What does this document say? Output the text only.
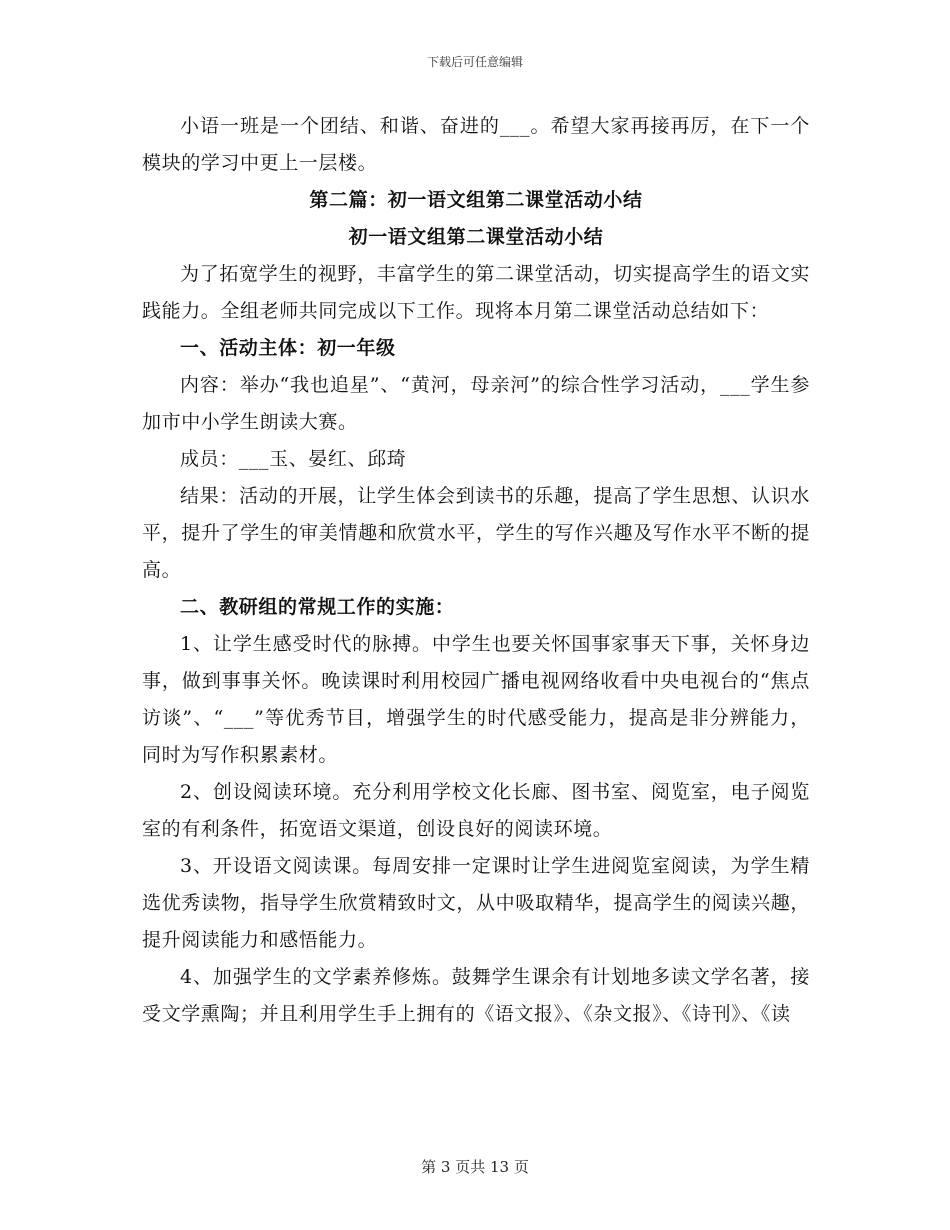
下载后可任意编辑

小语一班是一个团结、和谐、奋进的___。希望大家再接再厉，在下一个模块的学习中更上一层楼。

第二篇：初一语文组第二课堂活动小结

初一语文组第二课堂活动小结

为了拓宽学生的视野，丰富学生的第二课堂活动，切实提高学生的语文实践能力。全组老师共同完成以下工作。现将本月第二课堂活动总结如下：

一、活动主体：初一年级

内容：举办“我也追星”、“黄河，母亲河”的综合性学习活动，___学生参加市中小学生朗读大赛。

成员：___玉、晏红、邱琦

结果：活动的开展，让学生体会到读书的乐趣，提高了学生思想、认识水平，提升了学生的审美情趣和欣赏水平，学生的写作兴趣及写作水平不断的提高。

二、教研组的常规工作的实施：

1、让学生感受时代的脉搏。中学生也要关怀国事家事天下事，关怀身边事，做到事事关怀。晚读课时利用校园广播电视网络收看中央电视台的“焦点访谈”、“___”等优秀节目，增强学生的时代感受能力，提高是非分辨能力，同时为写作积累素材。

2、创设阅读环境。充分利用学校文化长廊、图书室、阅览室，电子阅览室的有利条件，拓宽语文渠道，创设良好的阅读环境。

3、开设语文阅读课。每周安排一定课时让学生进阅览室阅读，为学生精选优秀读物，指导学生欣赏精致时文，从中吸取精华，提高学生的阅读兴趣，提升阅读能力和感悟能力。

4、加强学生的文学素养修炼。鼓舞学生课余有计划地多读文学名著，接受文学熏陶；并且利用学生手上拥有的《语文报》、《杂文报》、《诗刊》、《读

第 3 页共 13 页
